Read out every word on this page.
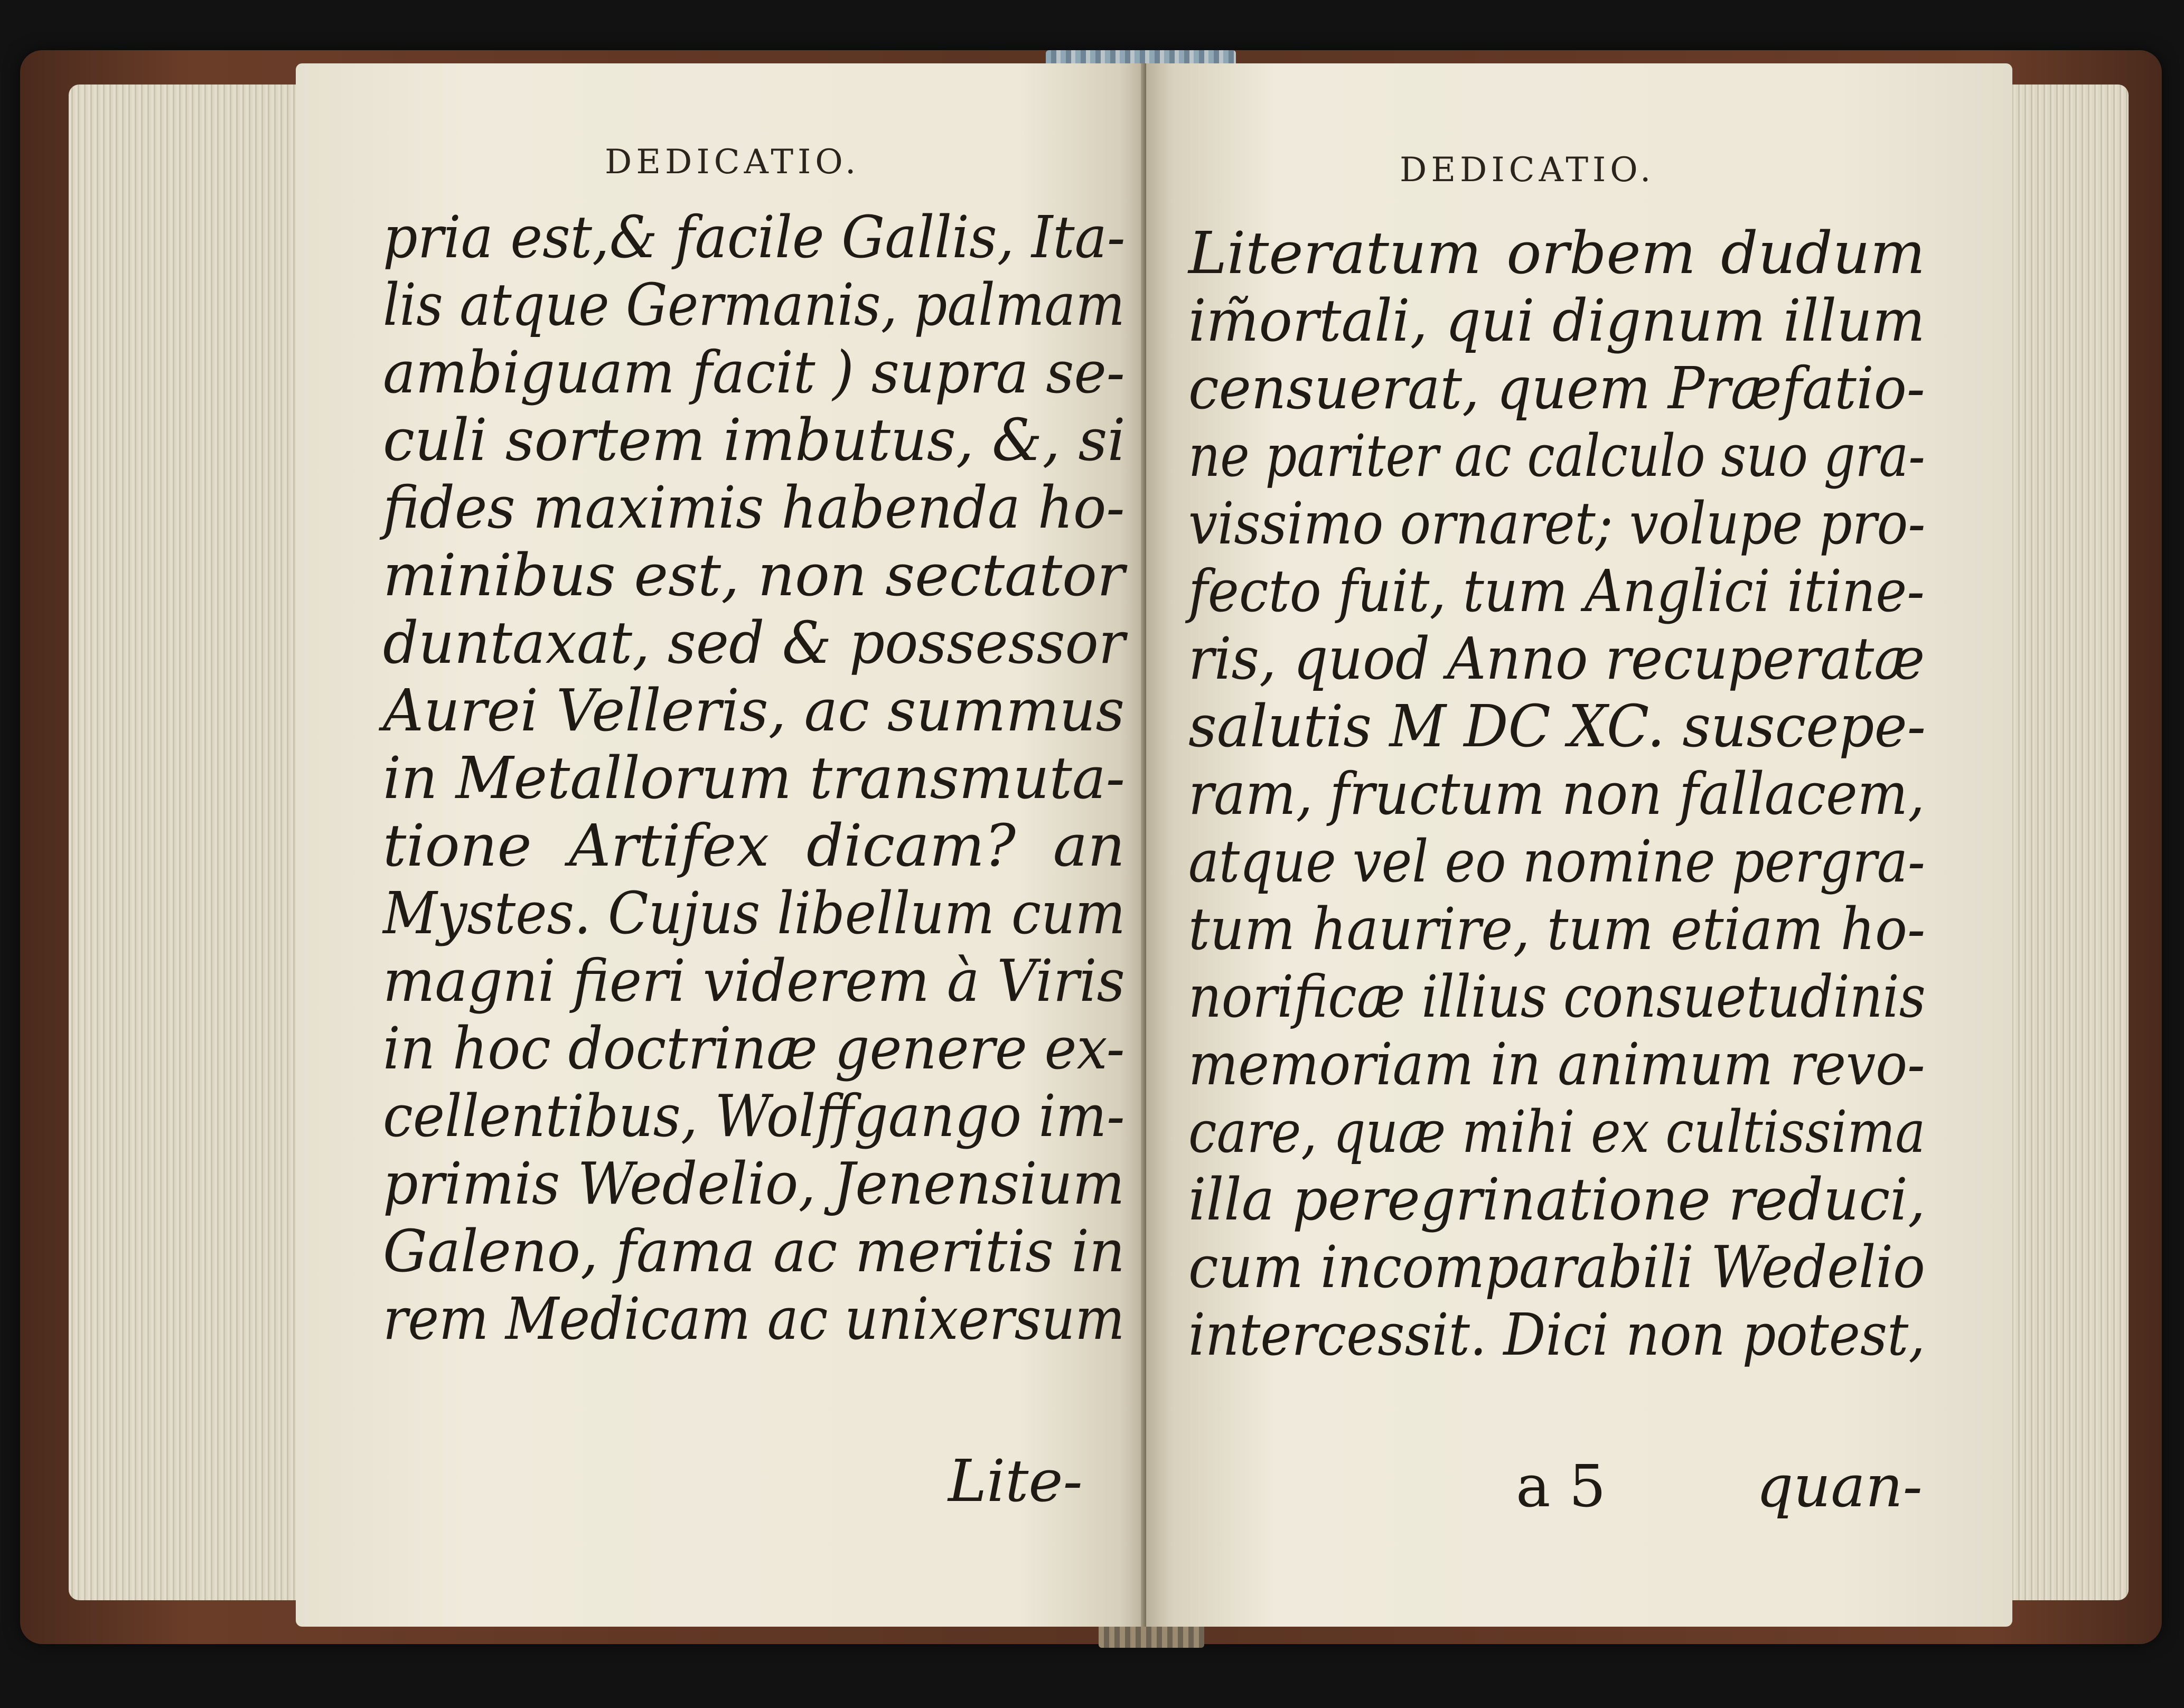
DEDICATIO.
pria est,& facile Gallis, Ita-
lis atque Germanis, palmam
ambiguam facit ) supra se-
culi sortem imbutus, &, si
fides maximis habenda ho-
minibus est, non sectator
duntaxat, sed & possessor
Aurei Velleris, ac summus
in Metallorum transmuta-
tione Artifex dicam? an
Mystes. Cujus libellum cum
magni fieri viderem à Viris
in hoc doctrinæ genere ex-
cellentibus, Wolffgango im-
primis Wedelio, Jenensium
Galeno, fama ac meritis in
rem Medicam ac unixersum
Lite-
DEDICATIO.
Literatum orbem dudum
im̃ortali, qui dignum illum
censuerat, quem Præfatio-
ne pariter ac calculo suo gra-
vissimo ornaret; volupe pro-
fecto fuit, tum Anglici itine-
ris, quod Anno recuperatæ
salutis M DC XC. suscepe-
ram, fructum non fallacem,
atque vel eo nomine pergra-
tum haurire, tum etiam ho-
norificæ illius consuetudinis
memoriam in animum revo-
care, quæ mihi ex cultissima
illa peregrinatione reduci,
cum incomparabili Wedelio
intercessit. Dici non potest,
a 5	quan-
